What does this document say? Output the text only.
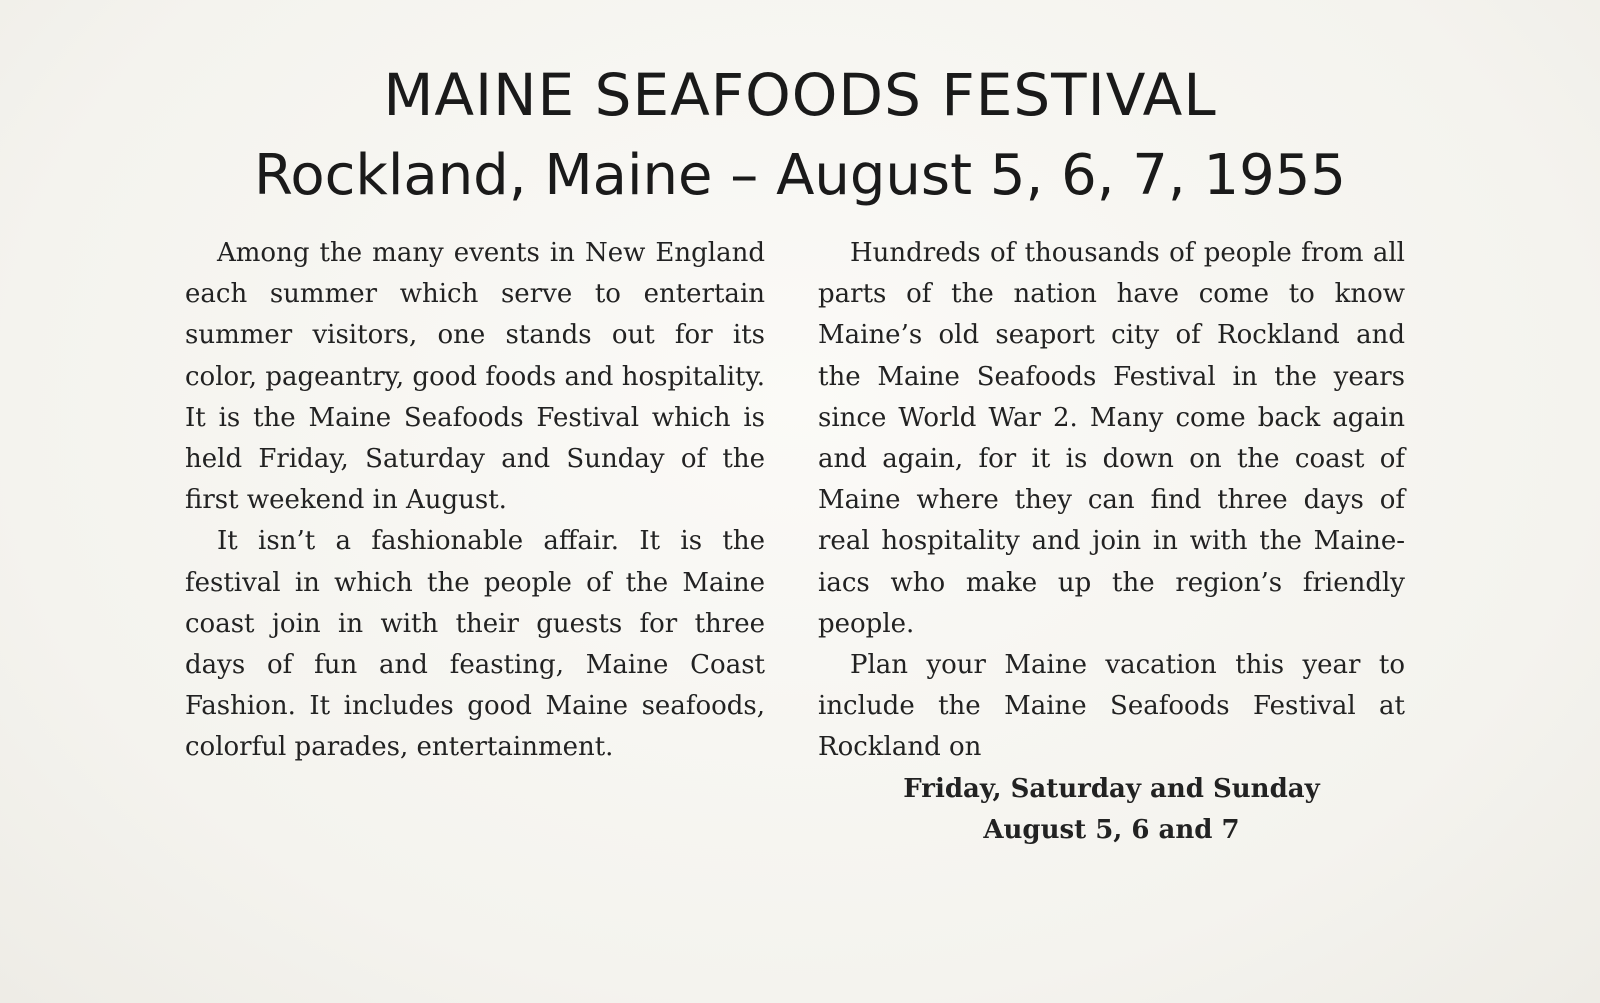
MAINE SEAFOODS FESTIVAL
Rockland, Maine – August 5, 6, 7, 1955

Among the many events in New England each summer which serve to entertain summer visitors, one stands out for its color, pageantry, good foods and hospitality. It is the Maine Seafoods Festival which is held Friday, Saturday and Sunday of the first weekend in August.

It isn’t a fashionable affair. It is the festival in which the people of the Maine coast join in with their guests for three days of fun and feasting, Maine Coast Fashion. It includes good Maine seafoods, colorful parades, entertainment.

Hundreds of thousands of people from all parts of the nation have come to know Maine’s old seaport city of Rockland and the Maine Seafoods Festival in the years since World War 2. Many come back again and again, for it is down on the coast of Maine where they can find three days of real hospitality and join in with the Maine-iacs who make up the region’s friendly people.

Plan your Maine vacation this year to include the Maine Seafoods Festival at Rockland on

Friday, Saturday and Sunday
August 5, 6 and 7
